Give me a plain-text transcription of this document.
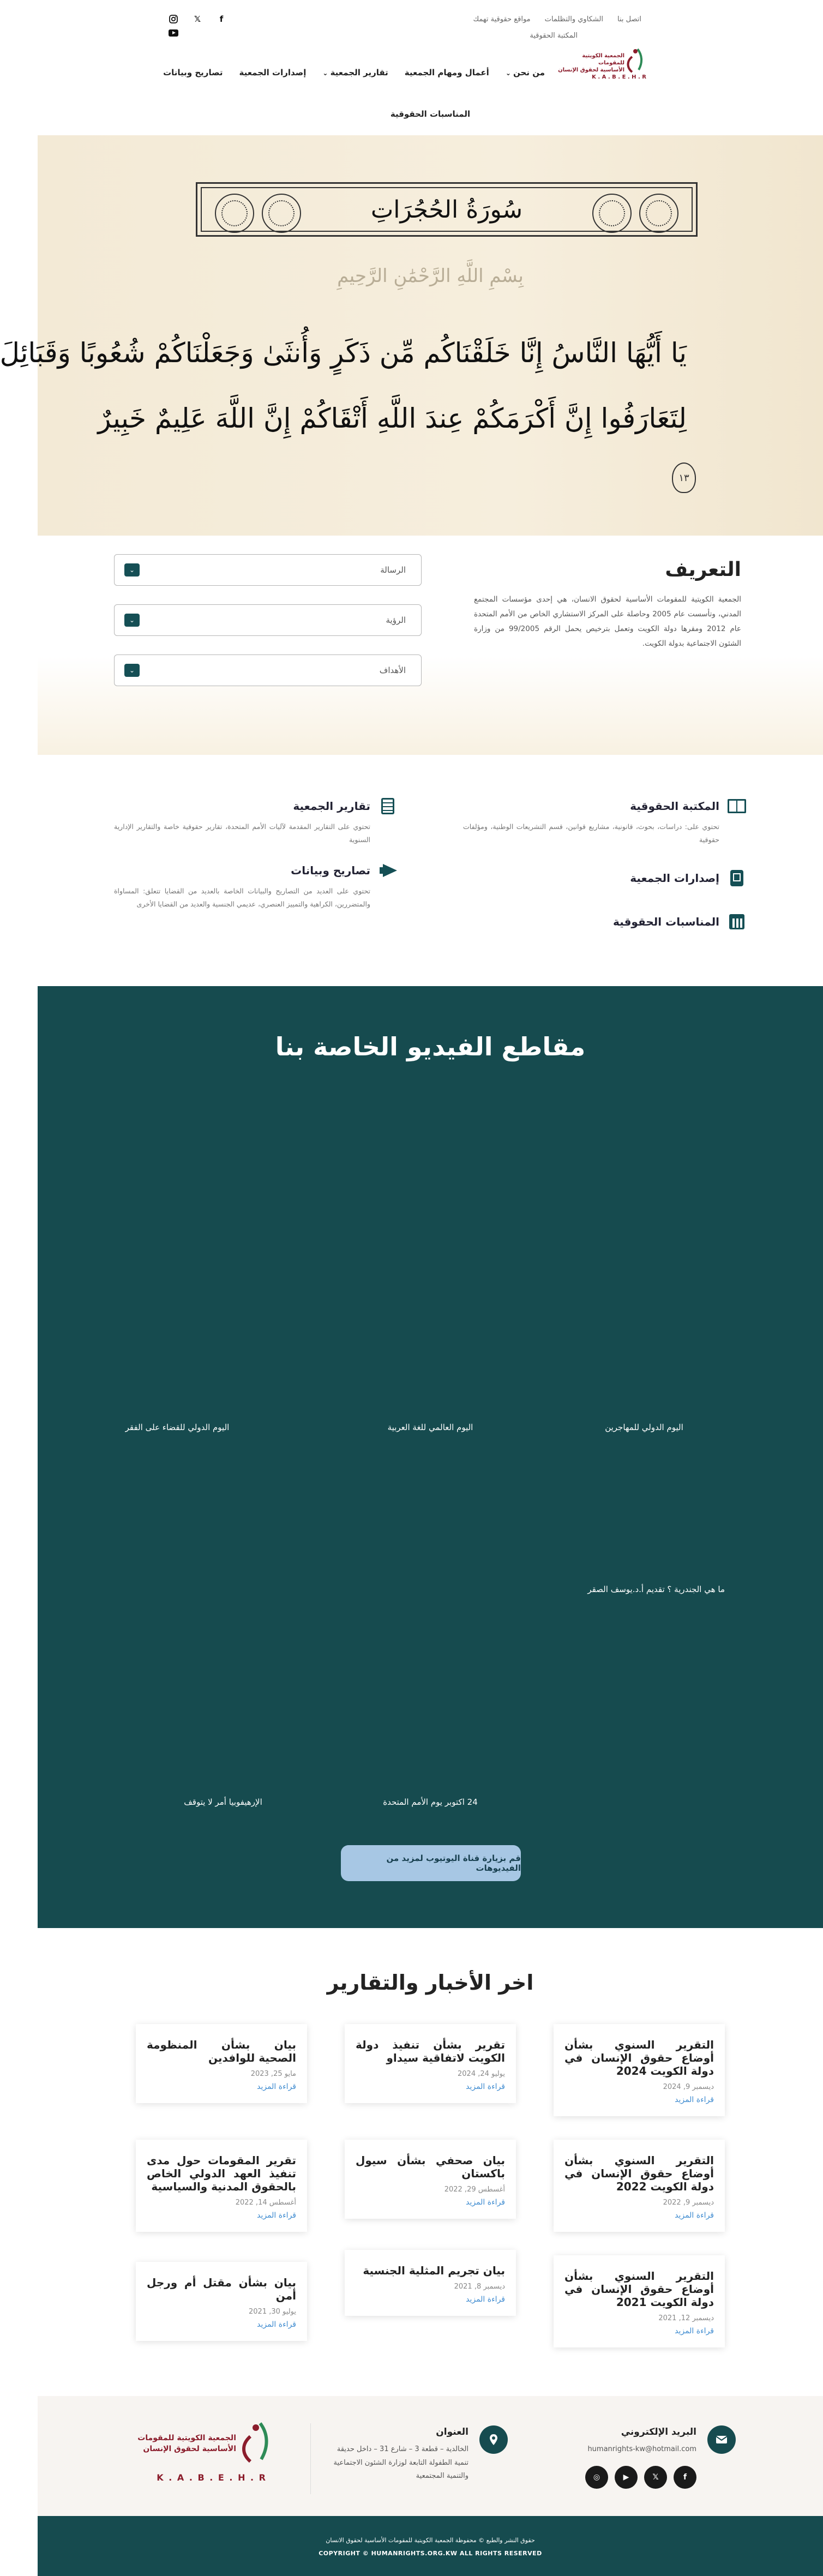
اتصل بنا
الشكاوي والتظلمات
مواقع حقوقية تهمك
المكتبة الحقوقية
f
𝕏
الجمعية الكويتية للمقومات
الأساسية لحقوق الإنسان
K . A . B . E . H . R
من نحن ⌄
أعمال ومهام الجمعية
تقارير الجمعية ⌄
إصدارات الجمعية
تصاريح وبيانات
المناسبات الحقوقية
سُورَةُ الحُجُرَاتِ
بِسْمِ اللَّهِ الرَّحْمَٰنِ الرَّحِيمِ
يَا أَيُّهَا النَّاسُ إِنَّا خَلَقْنَاكُم مِّن ذَكَرٍ وَأُنثَىٰ وَجَعَلْنَاكُمْ شُعُوبًا وَقَبَائِلَ
لِتَعَارَفُوا إِنَّ أَكْرَمَكُمْ عِندَ اللَّهِ أَتْقَاكُمْ إِنَّ اللَّهَ عَلِيمٌ خَبِيرٌ
١٣
التعريف

الجمعية الكويتية للمقومات الأساسية لحقوق الانسان، هي إحدى مؤسسات المجتمع المدني، وتأسست عام 2005 وحاصلة على المركز الاستشاري الخاص من الأمم المتحدة عام 2012 ومقرها دولة الكويت وتعمل بترخيص يحمل الرقم 99/2005 من وزارة الشئون الاجتماعية بدولة الكويت.

الرسالة
⌄
الرؤية
⌄
الأهداف
⌄
المكتبة الحقوقية
تحتوي على: دراسات، بحوث، قانونية، مشاريع قوانين، قسم التشريعات الوطنية، ومؤلفات حقوقية
تقارير الجمعية
تحتوي على التقارير المقدمة لآليات الأمم المتحدة، تقارير حقوقية خاصة والتقارير الإدارية السنوية
إصدارات الجمعية
تصاريح وبيانات
تحتوي على العديد من التصاريح والبيانات الخاصة بالعديد من القضايا تتعلق: المساواة والمتضررين، الكراهية والتمييز العنصري، عديمي الجنسية والعديد من القضايا الأخرى
المناسبات الحقوقية
مقاطع الفيديو الخاصة بنا
اليوم الدولي للمهاجرين
اليوم العالمي للغة العربية
اليوم الدولي للقضاء على الفقر
ما هي الجندرية ؟ تقديم أ.د.يوسف الصقر
24 اكتوبر يوم الأمم المتحدة
الإرهيفوبيا أمر لا يتوقف
قم بزيارة قناة اليوتيوب لمزيد من الفيديوهات
اخر الأخبار والتقارير
التقرير السنوي بشأن أوضاع حقوق الإنسان في دولة الكويت 2024
ديسمبر 9, 2024
قراءة المزيد
تقرير بشأن تنفيذ دولة الكويت لاتفاقية سيداو
يوليو 24, 2024
قراءة المزيد
بيان بشأن المنظومة الصحية للوافدين
مايو 25, 2023
قراءة المزيد
التقرير السنوي بشأن أوضاع حقوق الإنسان في دولة الكويت 2022
ديسمبر 9, 2022
قراءة المزيد
بيان صحفي بشأن سيول باكستان
أغسطس 29, 2022
قراءة المزيد
تقرير المقومات حول مدى تنفيذ العهد الدولي الخاص بالحقوق المدنية والسياسية
أغسطس 14, 2022
قراءة المزيد
التقرير السنوي بشأن أوضاع حقوق الإنسان في دولة الكويت 2021
ديسمبر 12, 2021
قراءة المزيد
بيان تجريم المثلية الجنسية
ديسمبر 8, 2021
قراءة المزيد
بيان بشأن مقتل أم ورجل أمن
يوليو 30, 2021
قراءة المزيد
البريد الإلكتروني
humanrights-kw@hotmail.com
f
𝕏
▶
◎
العنوان
الخالدية – قطعة 3 – شارع 31 – داخل حديقة تنمية الطفولة التابعة لوزارة الشئون الاجتماعية والتنمية المجتمعية
الجمعية الكويتية للمقومات
الأساسية لحقوق الإنسان
K . A . B . E . H . R
حقوق النشر والطبع © محفوظة الجمعية الكويتية للمقومات الأساسية لحقوق الانسان
COPYRIGHT © HUMANRIGHTS.ORG.KW ALL RIGHTS RESERVED
